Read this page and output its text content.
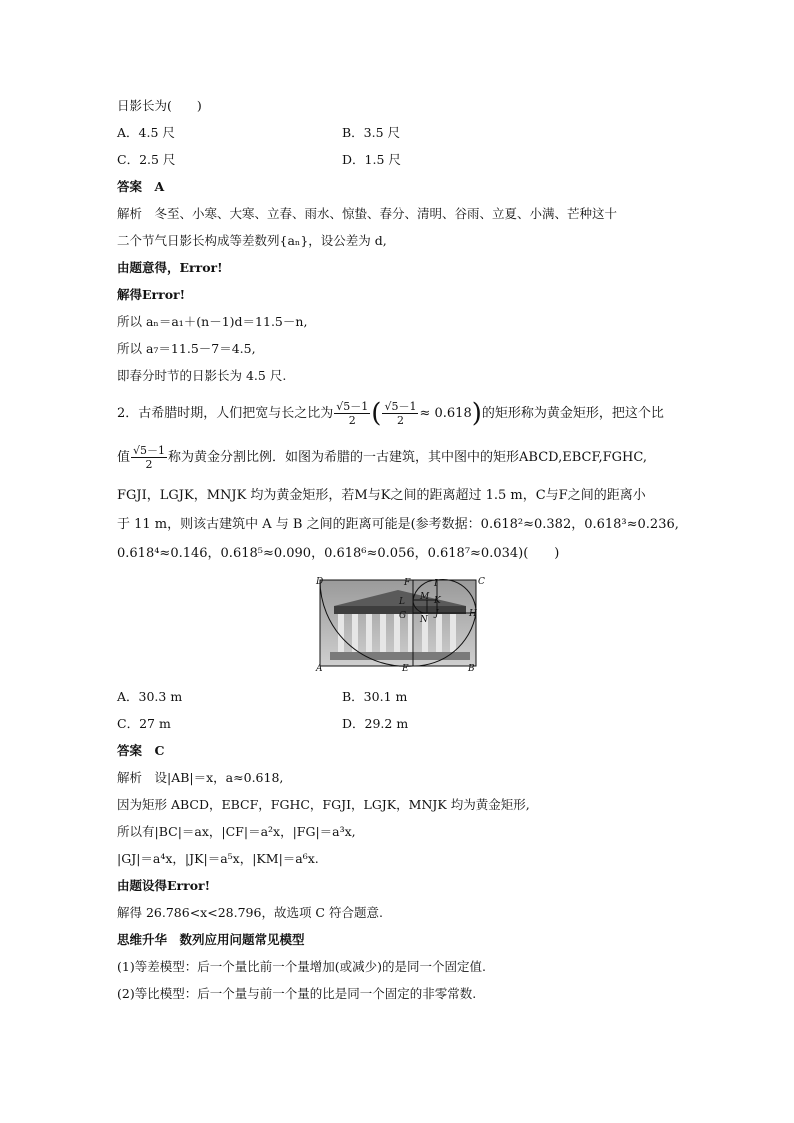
日影长为(　　)
A．4.5 尺	B．3.5 尺
C．2.5 尺	D．1.5 尺
答案　A
解析　冬至、小寒、大寒、立春、雨水、惊蛰、春分、清明、谷雨、立夏、小满、芒种这十
二个节气日影长构成等差数列{aₙ}，设公差为 d,
由题意得，Error!
解得Error!
所以 aₙ＝a₁＋(n－1)d＝11.5－n,
所以 a₇＝11.5－7＝4.5,
即春分时节的日影长为 4.5 尺.
2．古希腊时期，人们把宽与长之比为 $\frac{√5-1}{2}$ ( $\frac{√5-1}{2} \approx 0.618$)的矩形称为黄金矩形，把这个比
值 $\frac{√5-1}{2}$ 称为黄金分割比例．如图为希腊的一古建筑，其中图中的矩形ABCD,EBCF,FGHC,
FGJI，LGJK，MNJK 均为黄金矩形，若M与K之间的距离超过 1.5 m，C与F之间的距离小
于 11 m，则该古建筑中 A 与 B 之间的距离可能是(参考数据：0.618²≈0.382，0.618³≈0.236,
0.618⁴≈0.146，0.618⁵≈0.090，0.618⁶≈0.056，0.618⁷≈0.034)(　　)
D	F	I	C
M K
L
H
G N
J
A	E	B
A．30.3 m	B．30.1 m
C．27 m	D．29.2 m
答案　C
解析　设|AB|＝x，a≈0.618,
因为矩形 ABCD，EBCF，FGHC，FGJI，LGJK，MNJK 均为黄金矩形,
所以有|BC|＝ax，|CF|＝a²x，|FG|＝a³x,
|GJ|＝a⁴x，|JK|＝a⁵x，|KM|＝a⁶x.
由题设得Error!
解得 26.786<x<28.796，故选项 C 符合题意.
思维升华　数列应用问题常见模型
(1)等差模型：后一个量比前一个量增加(或减少)的是同一个固定值.
(2)等比模型：后一个量与前一个量的比是同一个固定的非零常数.
